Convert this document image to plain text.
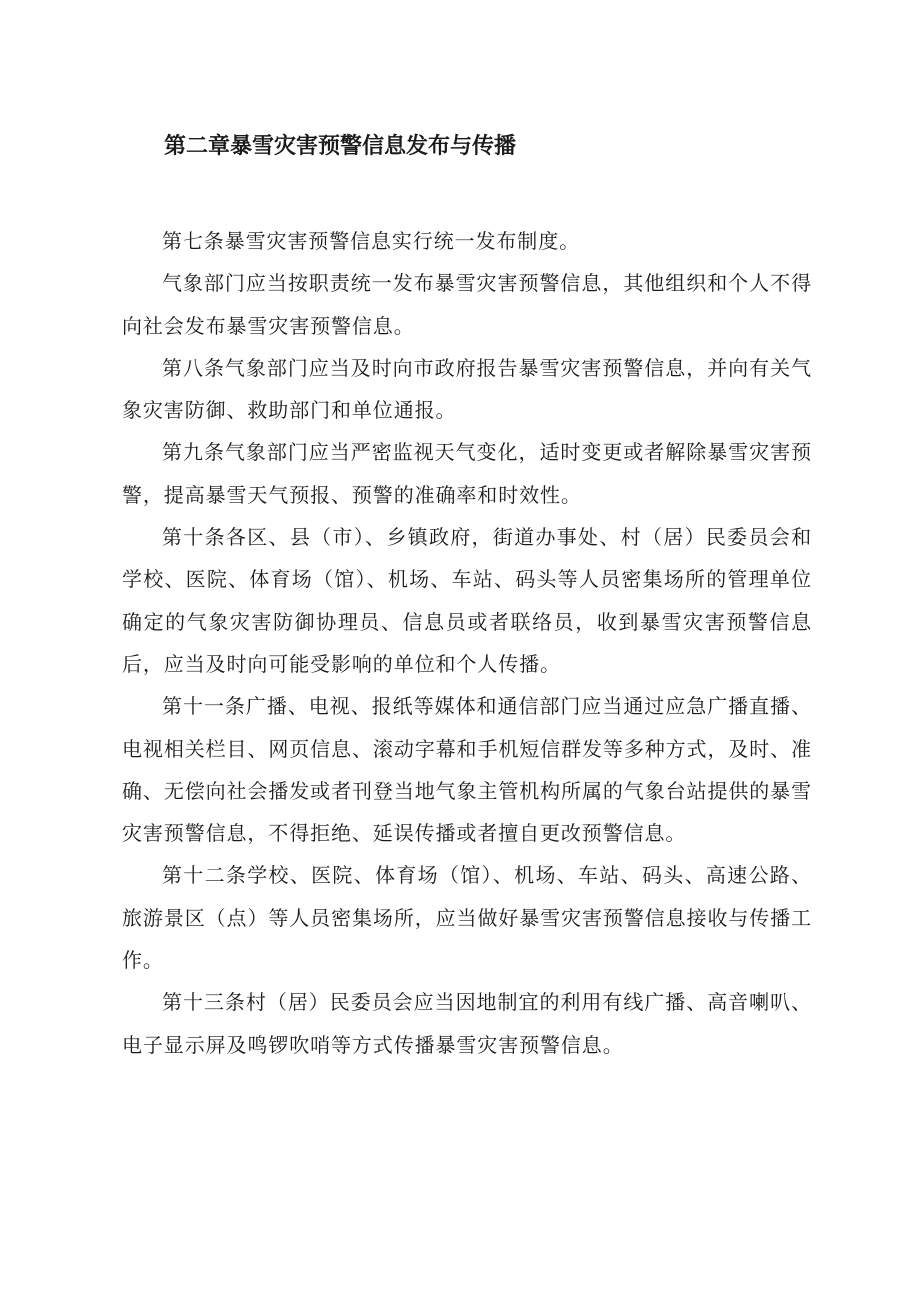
第二章暴雪灾害预警信息发布与传播

第七条暴雪灾害预警信息实行统一发布制度。

气象部门应当按职责统一发布暴雪灾害预警信息，其他组织和个人不得向社会发布暴雪灾害预警信息。

第八条气象部门应当及时向市政府报告暴雪灾害预警信息，并向有关气象灾害防御、救助部门和单位通报。

第九条气象部门应当严密监视天气变化，适时变更或者解除暴雪灾害预警，提高暴雪天气预报、预警的准确率和时效性。

第十条各区、县（市）、乡镇政府，街道办事处、村（居）民委员会和学校、医院、体育场（馆）、机场、车站、码头等人员密集场所的管理单位确定的气象灾害防御协理员、信息员或者联络员，收到暴雪灾害预警信息后，应当及时向可能受影响的单位和个人传播。

第十一条广播、电视、报纸等媒体和通信部门应当通过应急广播直播、电视相关栏目、网页信息、滚动字幕和手机短信群发等多种方式，及时、准确、无偿向社会播发或者刊登当地气象主管机构所属的气象台站提供的暴雪灾害预警信息，不得拒绝、延误传播或者擅自更改预警信息。

第十二条学校、医院、体育场（馆）、机场、车站、码头、高速公路、旅游景区（点）等人员密集场所，应当做好暴雪灾害预警信息接收与传播工作。

第十三条村（居）民委员会应当因地制宜的利用有线广播、高音喇叭、电子显示屏及鸣锣吹哨等方式传播暴雪灾害预警信息。
